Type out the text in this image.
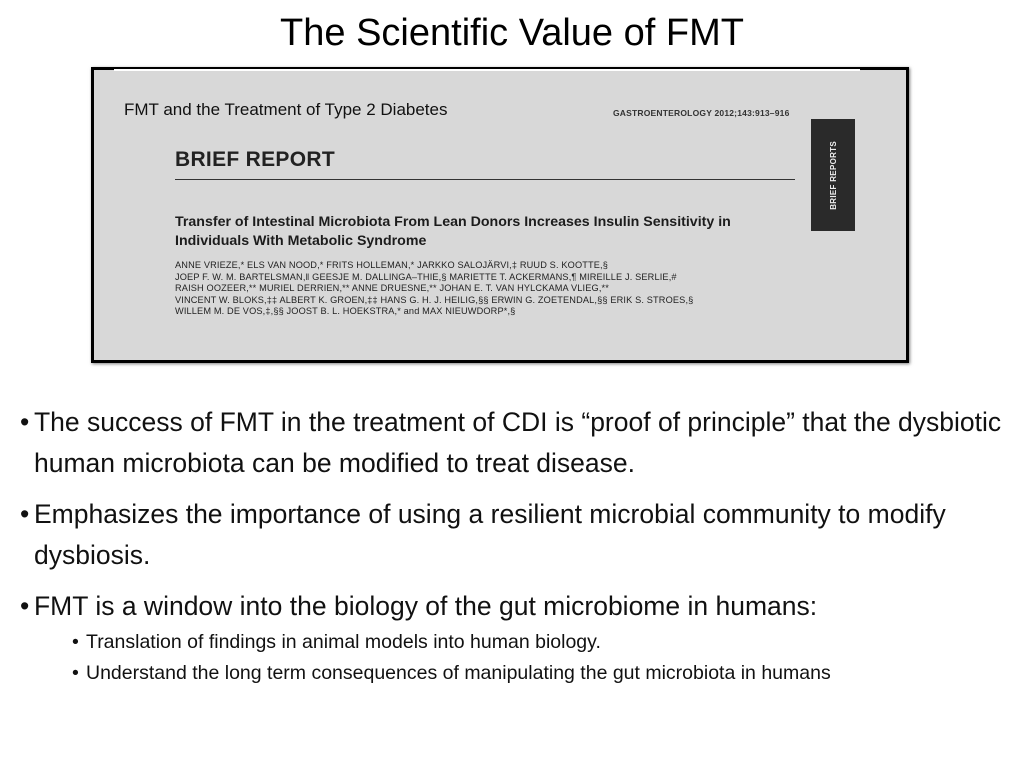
The Scientific Value of FMT
FMT and the Treatment of Type 2 Diabetes	GASTROENTEROLOGY 2012;143:913–916
BRIEF REPORT
Transfer of Intestinal Microbiota From Lean Donors Increases Insulin Sensitivity in Individuals With Metabolic Syndrome
ANNE VRIEZE,* ELS VAN NOOD,* FRITS HOLLEMAN,* JARKKO SALOJÄRVI,‡ RUUD S. KOOTTE,§
JOEP F. W. M. BARTELSMAN,‖ GEESJE M. DALLINGA–THIE,§ MARIETTE T. ACKERMANS,¶ MIREILLE J. SERLIE,#
RAISH OOZEER,** MURIEL DERRIEN,** ANNE DRUESNE,** JOHAN E. T. VAN HYLCKAMA VLIEG,**
VINCENT W. BLOKS,‡‡ ALBERT K. GROEN,‡‡ HANS G. H. J. HEILIG,§§ ERWIN G. ZOETENDAL,§§ ERIK S. STROES,§
WILLEM M. DE VOS,‡,§§ JOOST B. L. HOEKSTRA,* and MAX NIEUWDORP*,§
BRIEF REPORTS
• The success of FMT in the treatment of CDI is “proof of principle” that the dysbiotic human microbiota can be modified to treat disease.
• Emphasizes the importance of using a resilient microbial community to modify dysbiosis.
• FMT is a window into the biology of the gut microbiome in humans:
• Translation of findings in animal models into human biology.
• Understand the long term consequences of manipulating the gut microbiota in humans
